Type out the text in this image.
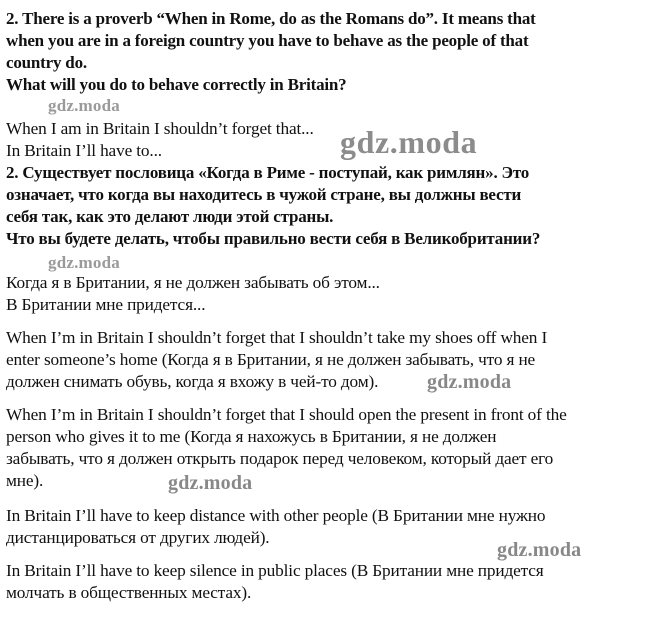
2. There is a proverb “When in Rome, do as the Romans do”. It means that
when you are in a foreign country you have to behave as the people of that
country do.
What will you do to behave correctly in Britain?
When I am in Britain I shouldn’t forget that...
In Britain I’ll have to...
2. Существует пословица «Когда в Риме - поступай, как римлян». Это
означает, что когда вы находитесь в чужой стране, вы должны вести
себя так, как это делают люди этой страны.
Что вы будете делать, чтобы правильно вести себя в Великобритании?
Когда я в Британии, я не должен забывать об этом...
В Британии мне придется...
When I’m in Britain I shouldn’t forget that I shouldn’t take my shoes off when I
enter someone’s home (Когда я в Британии, я не должен забывать, что я не
должен снимать обувь, когда я вхожу в чей-то дом).
When I’m in Britain I shouldn’t forget that I should open the present in front of the
person who gives it to me (Когда я нахожусь в Британии, я не должен
забывать, что я должен открыть подарок перед человеком, который дает его
мне).
In Britain I’ll have to keep distance with other people (В Британии мне нужно
дистанцироваться от других людей).
In Britain I’ll have to keep silence in public places (В Британии мне придется
молчать в общественных местах).
gdz.moda
gdz.moda
gdz.moda
gdz.moda
gdz.moda
gdz.moda
